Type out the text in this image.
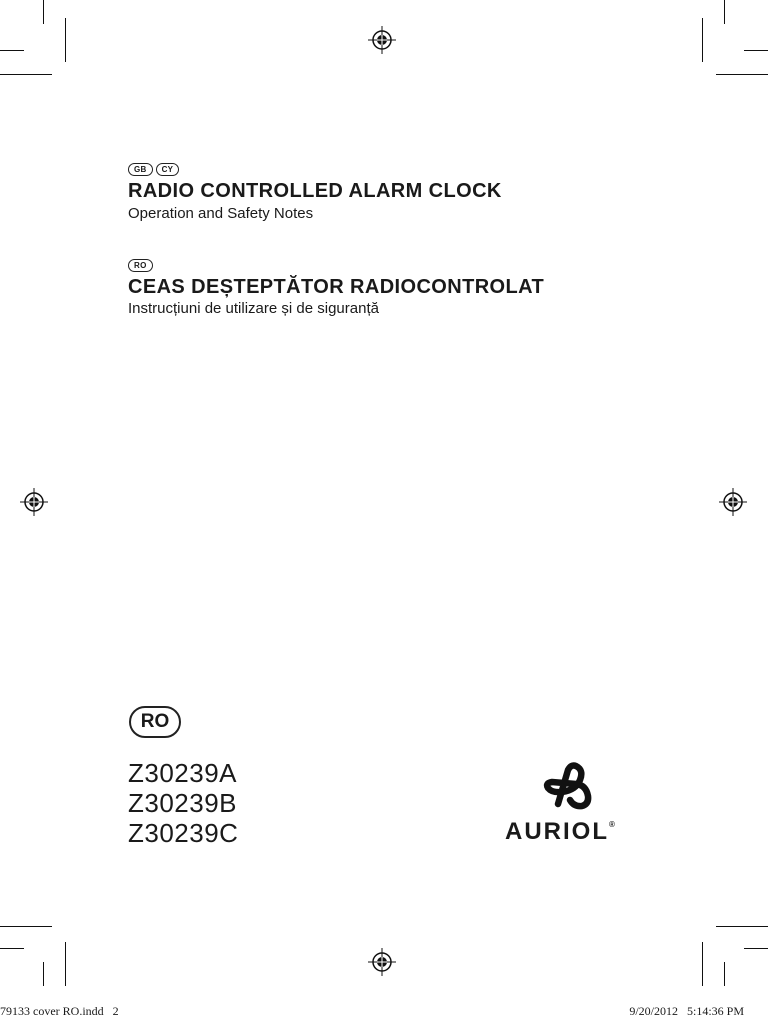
GB CY
RADIO CONTROLLED ALARM CLOCK
Operation and Safety Notes
RO
CEAS DEȘTEPTĂTOR RADIOCONTROLAT
Instrucțiuni de utilizare și de siguranță
RO
Z30239A
Z30239B
Z30239C	AURIOL®
79133 cover RO.indd   2	9/20/2012   5:14:36 PM
